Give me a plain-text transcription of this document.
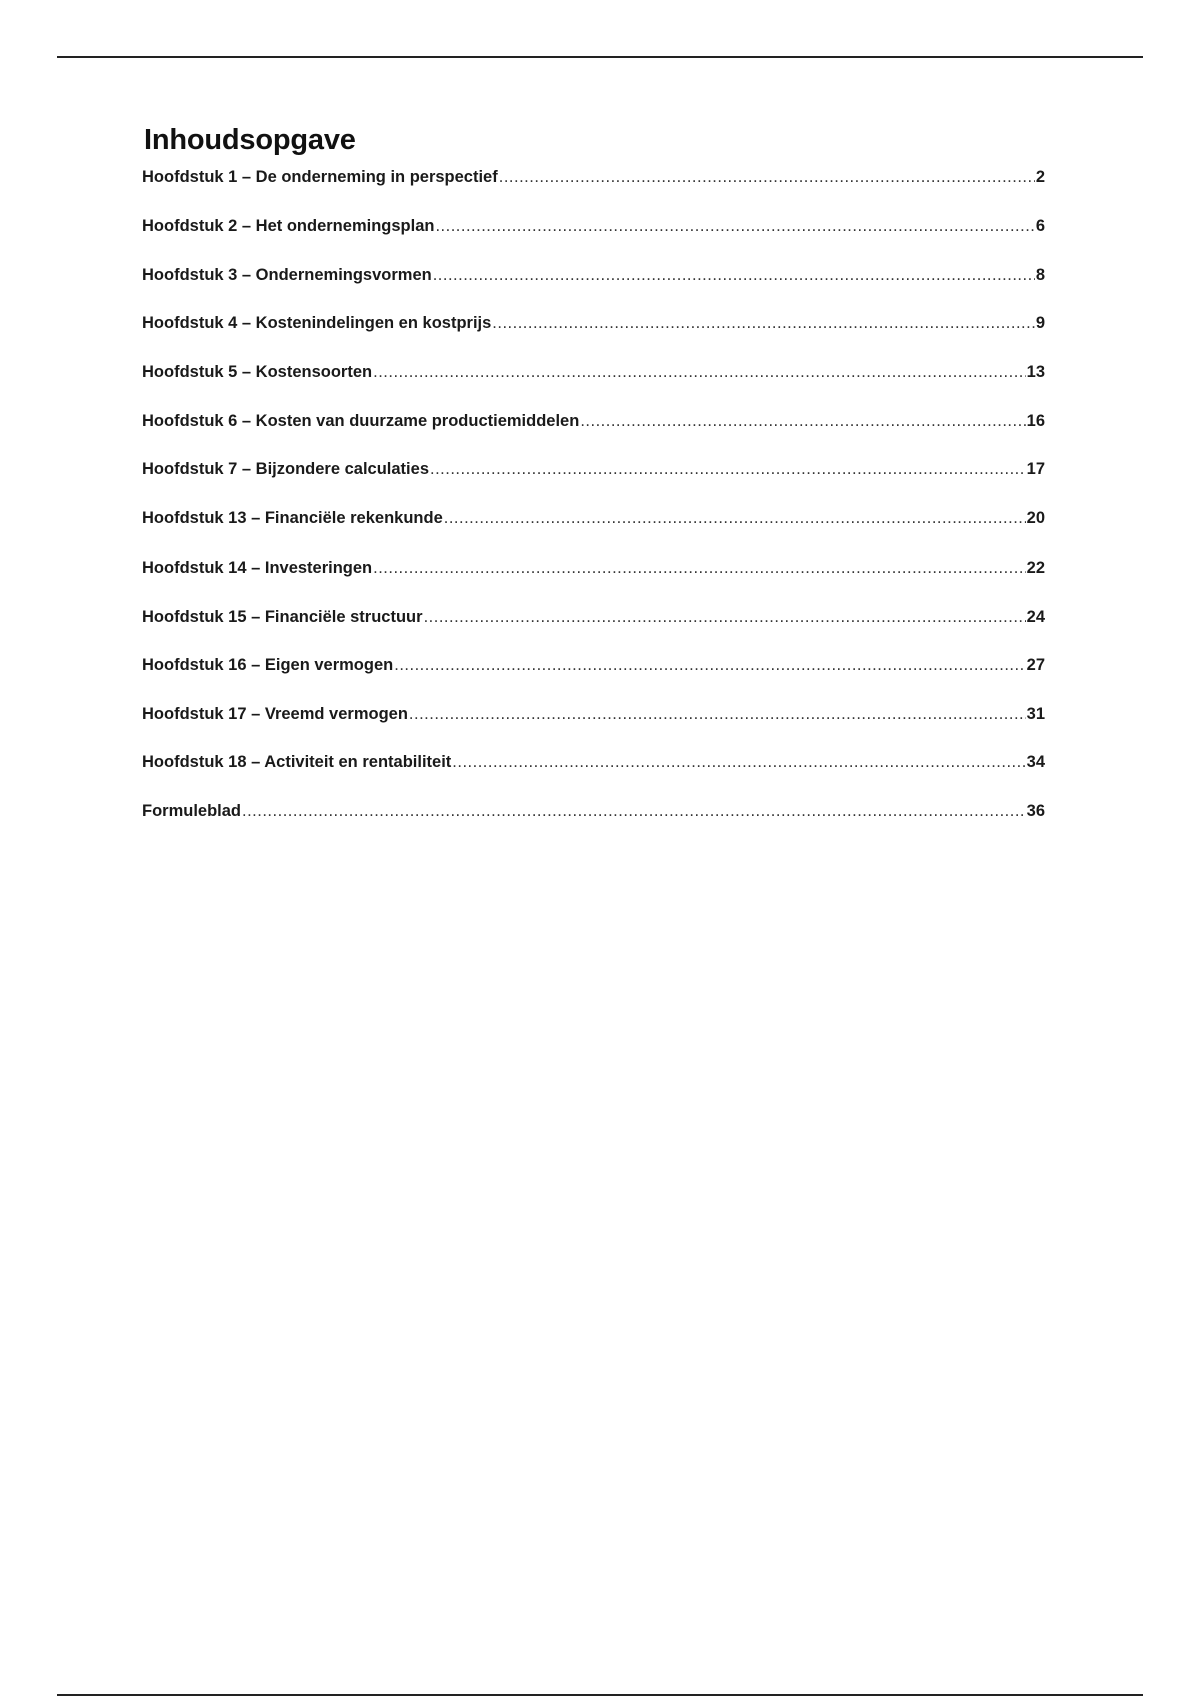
Inhoudsopgave
Hoofdstuk 1 – De onderneming in perspectief .....	2
Hoofdstuk 2 – Het ondernemingsplan .....	6
Hoofdstuk 3 – Ondernemingsvormen .....	8
Hoofdstuk 4 – Kostenindelingen en kostprijs .....	9
Hoofdstuk 5 – Kostensoorten .....	13
Hoofdstuk 6 – Kosten van duurzame productiemiddelen .....	16
Hoofdstuk 7 – Bijzondere calculaties .....	17
Hoofdstuk 13 – Financiële rekenkunde .....	20
Hoofdstuk 14 – Investeringen .....	22
Hoofdstuk 15 – Financiële structuur .....	24
Hoofdstuk 16 – Eigen vermogen .....	27
Hoofdstuk 17 – Vreemd vermogen .....	31
Hoofdstuk 18 – Activiteit en rentabiliteit .....	34
Formuleblad .....	36
